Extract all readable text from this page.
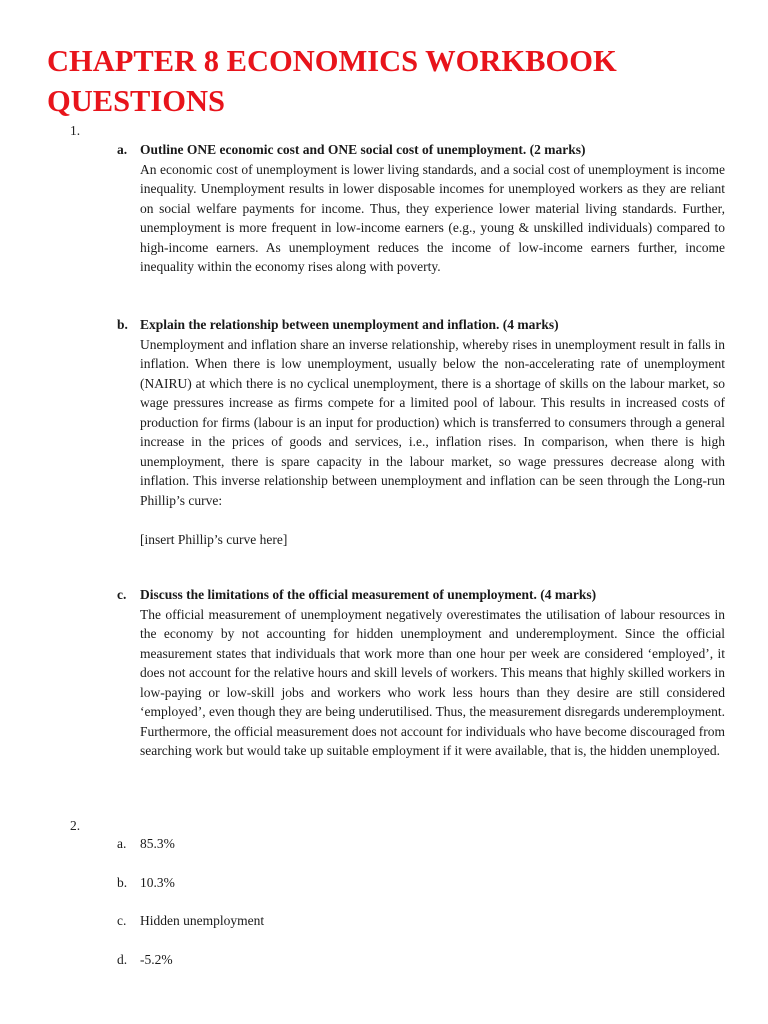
CHAPTER 8 ECONOMICS WORKBOOK QUESTIONS
1.
a. Outline ONE economic cost and ONE social cost of unemployment. (2 marks)
An economic cost of unemployment is lower living standards, and a social cost of unemployment is income inequality. Unemployment results in lower disposable incomes for unemployed workers as they are reliant on social welfare payments for income. Thus, they experience lower material living standards. Further, unemployment is more frequent in low-income earners (e.g., young & unskilled individuals) compared to high-income earners. As unemployment reduces the income of low-income earners further, income inequality within the economy rises along with poverty.
b. Explain the relationship between unemployment and inflation. (4 marks)
Unemployment and inflation share an inverse relationship, whereby rises in unemployment result in falls in inflation. When there is low unemployment, usually below the non-accelerating rate of unemployment (NAIRU) at which there is no cyclical unemployment, there is a shortage of skills on the labour market, so wage pressures increase as firms compete for a limited pool of labour. This results in increased costs of production for firms (labour is an input for production) which is transferred to consumers through a general increase in the prices of goods and services, i.e., inflation rises. In comparison, when there is high unemployment, there is spare capacity in the labour market, so wage pressures decrease along with inflation. This inverse relationship between unemployment and inflation can be seen through the Long-run Phillip’s curve:
[insert Phillip’s curve here]
c. Discuss the limitations of the official measurement of unemployment. (4 marks)
The official measurement of unemployment negatively overestimates the utilisation of labour resources in the economy by not accounting for hidden unemployment and underemployment. Since the official measurement states that individuals that work more than one hour per week are considered ‘employed’, it does not account for the relative hours and skill levels of workers. This means that highly skilled workers in low-paying or low-skill jobs and workers who work less hours than they desire are still considered ‘employed’, even though they are being underutilised. Thus, the measurement disregards underemployment. Furthermore, the official measurement does not account for individuals who have become discouraged from searching work but would take up suitable employment if it were available, that is, the hidden unemployed.
2.
a. 85.3%
b. 10.3%
c. Hidden unemployment
d. -5.2%
